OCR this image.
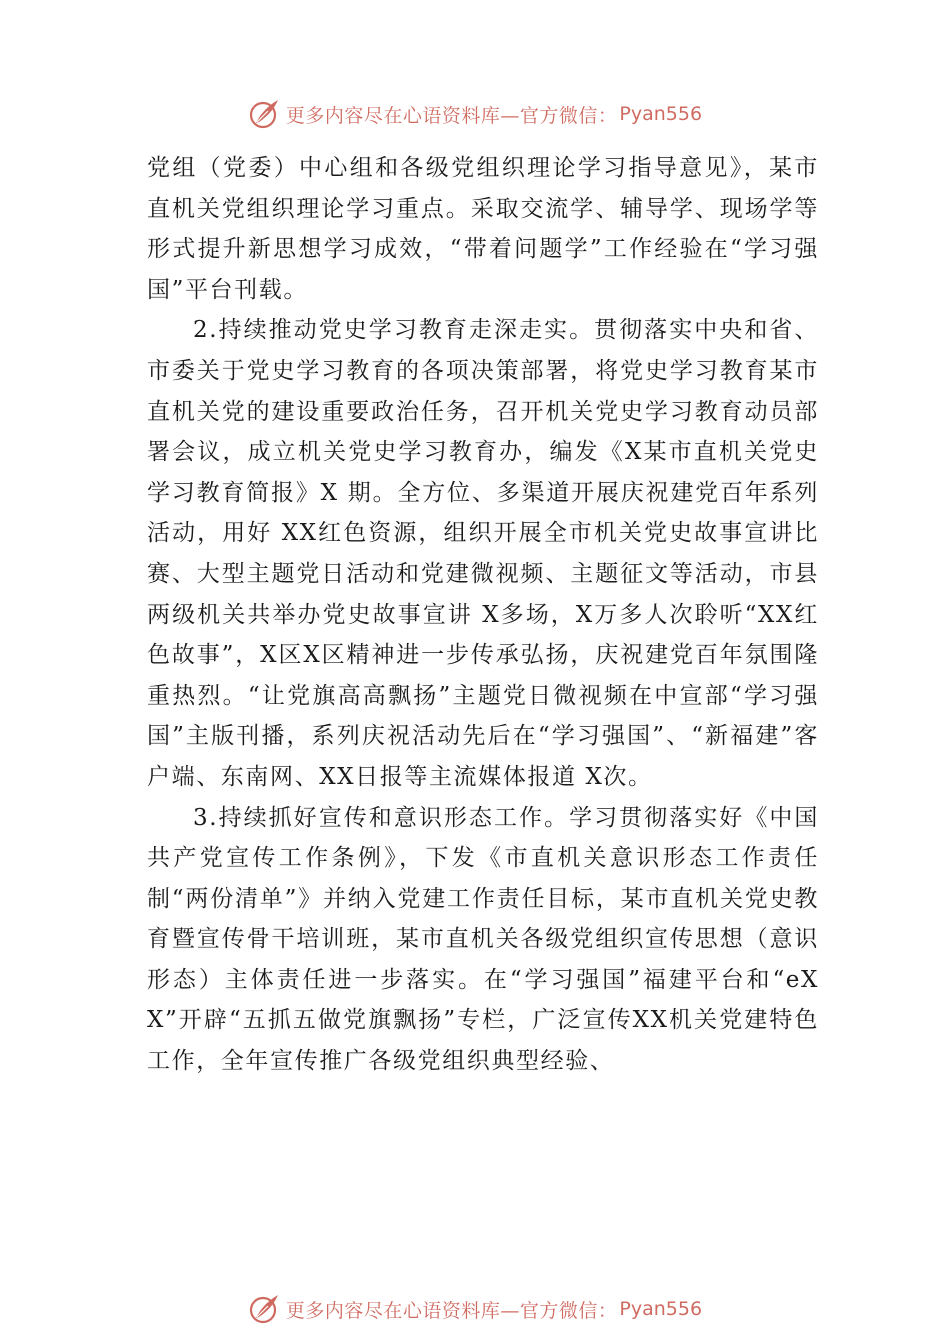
更多内容尽在心语资料库—官方微信： Pyan556

党组（党委）中心组和各级党组织理论学习指导意见》，某市直机关党组织理论学习重点。采取交流学、辅导学、现场学等形式提升新思想学习成效，“带着问题学”工作经验在“学习强国”平台刊载。

2.持续推动党史学习教育走深走实。贯彻落实中央和省、市委关于党史学习教育的各项决策部署，将党史学习教育某市直机关党的建设重要政治任务，召开机关党史学习教育动员部署会议，成立机关党史学习教育办，编发《X某市直机关党史学习教育简报》X 期。全方位、多渠道开展庆祝建党百年系列活动，用好 XX红色资源，组织开展全市机关党史故事宣讲比赛、大型主题党日活动和党建微视频、主题征文等活动，市县两级机关共举办党史故事宣讲 X多场，X万多人次聆听“XX红色故事”，X区X区精神进一步传承弘扬，庆祝建党百年氛围隆重热烈。“让党旗高高飘扬”主题党日微视频在中宣部“学习强国”主版刊播，系列庆祝活动先后在“学习强国”、“新福建”客户端、东南网、XX日报等主流媒体报道 X次。

3.持续抓好宣传和意识形态工作。学习贯彻落实好《中国共产党宣传工作条例》，下发《市直机关意识形态工作责任制“两份清单”》并纳入党建工作责任目标，某市直机关党史教育暨宣传骨干培训班，某市直机关各级党组织宣传思想（意识形态）主体责任进一步落实。在“学习强国”福建平台和“eXX”开辟“五抓五做党旗飘扬”专栏，广泛宣传XX机关党建特色工作，全年宣传推广各级党组织典型经验、

更多内容尽在心语资料库—官方微信： Pyan556
